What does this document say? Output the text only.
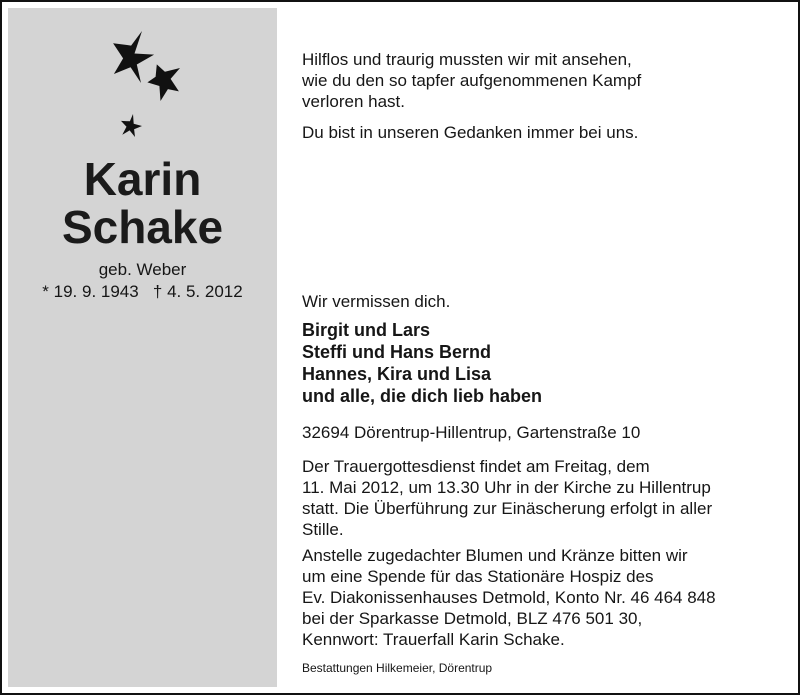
Karin
Schake
geb. Weber
* 19. 9. 1943 † 4. 5. 2012

Hilflos und traurig mussten wir mit ansehen,

wie du den so tapfer aufgenommenen Kampf

verloren hast.

Du bist in unseren Gedanken immer bei uns.

Wir vermissen dich.

Birgit und Lars

Steffi und Hans Bernd

Hannes, Kira und Lisa

und alle, die dich lieb haben

32694 Dörentrup-Hillentrup, Gartenstraße 10

Der Trauergottesdienst findet am Freitag, dem

11. Mai 2012, um 13.30 Uhr in der Kirche zu Hillentrup

statt. Die Überführung zur Einäscherung erfolgt in aller

Stille.

Anstelle zugedachter Blumen und Kränze bitten wir

um eine Spende für das Stationäre Hospiz des

Ev. Diakonissenhauses Detmold, Konto Nr. 46 464 848

bei der Sparkasse Detmold, BLZ 476 501 30,

Kennwort: Trauerfall Karin Schake.

Bestattungen Hilkemeier, Dörentrup
